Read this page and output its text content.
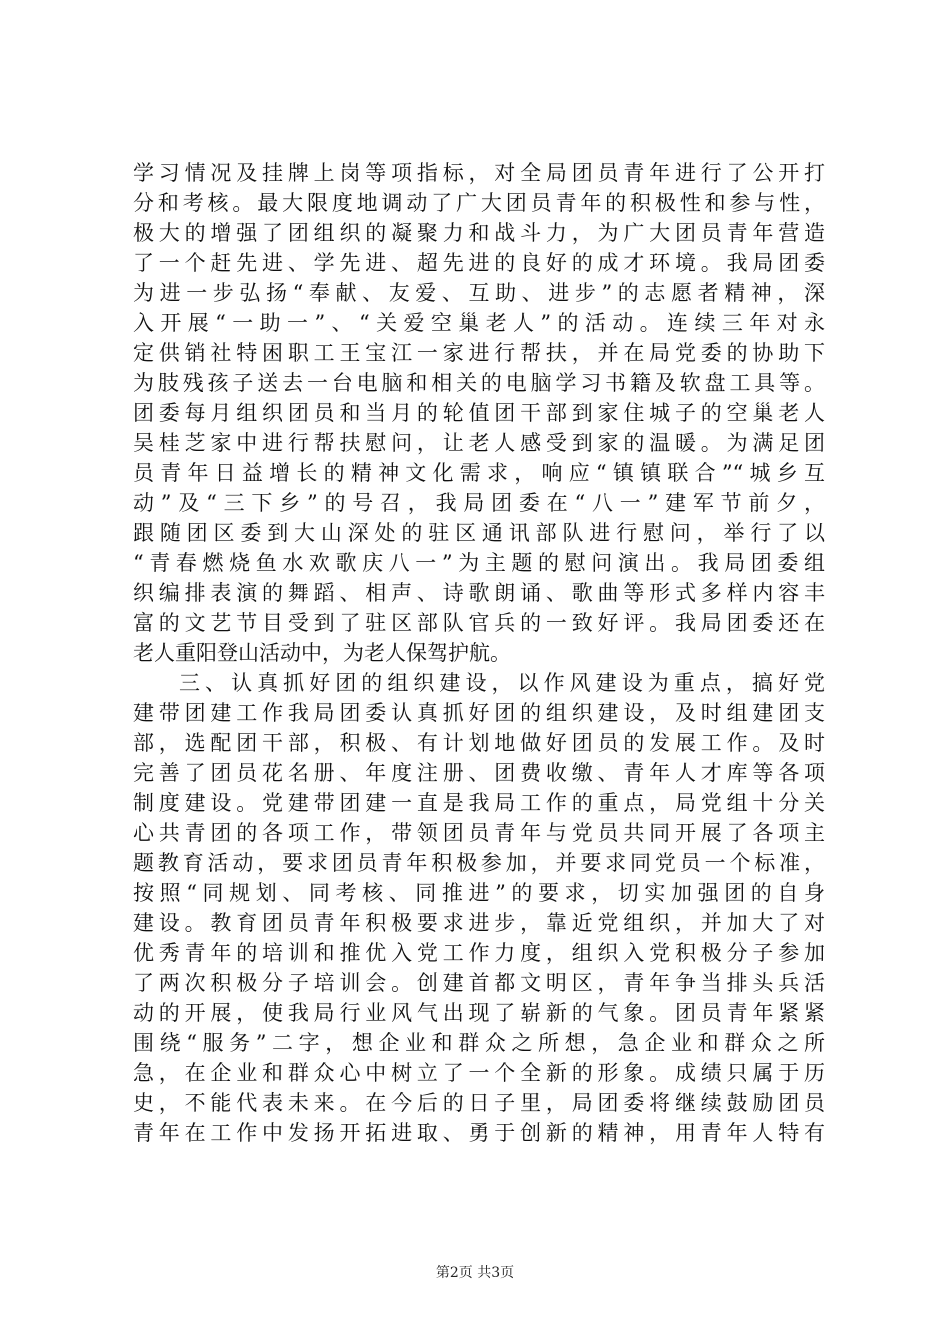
学习情况及挂牌上岗等项指标，对全局团员青年进行了公开打
分和考核。最大限度地调动了广大团员青年的积极性和参与性，
极大的增强了团组织的凝聚力和战斗力，为广大团员青年营造
了一个赶先进、学先进、超先进的良好的成才环境。我局团委
为进一步弘扬“奉献、友爱、互助、进步”的志愿者精神，深
入开展“一助一”、“关爱空巢老人”的活动。连续三年对永
定供销社特困职工王宝江一家进行帮扶，并在局党委的协助下
为肢残孩子送去一台电脑和相关的电脑学习书籍及软盘工具等。
团委每月组织团员和当月的轮值团干部到家住城子的空巢老人
吴桂芝家中进行帮扶慰问，让老人感受到家的温暖。为满足团
员青年日益增长的精神文化需求，响应“镇镇联合”“城乡互
动”及“三下乡”的号召，我局团委在“八一”建军节前夕，
跟随团区委到大山深处的驻区通讯部队进行慰问，举行了以
“青春燃烧鱼水欢歌庆八一”为主题的慰问演出。我局团委组
织编排表演的舞蹈、相声、诗歌朗诵、歌曲等形式多样内容丰
富的文艺节目受到了驻区部队官兵的一致好评。我局团委还在
老人重阳登山活动中，为老人保驾护航。
三、认真抓好团的组织建设，以作风建设为重点，搞好党
建带团建工作我局团委认真抓好团的组织建设，及时组建团支
部，选配团干部，积极、有计划地做好团员的发展工作。及时
完善了团员花名册、年度注册、团费收缴、青年人才库等各项
制度建设。党建带团建一直是我局工作的重点，局党组十分关
心共青团的各项工作，带领团员青年与党员共同开展了各项主
题教育活动，要求团员青年积极参加，并要求同党员一个标准，
按照“同规划、同考核、同推进”的要求，切实加强团的自身
建设。教育团员青年积极要求进步，靠近党组织，并加大了对
优秀青年的培训和推优入党工作力度，组织入党积极分子参加
了两次积极分子培训会。创建首都文明区，青年争当排头兵活
动的开展，使我局行业风气出现了崭新的气象。团员青年紧紧
围绕“服务”二字，想企业和群众之所想，急企业和群众之所
急，在企业和群众心中树立了一个全新的形象。成绩只属于历
史，不能代表未来。在今后的日子里，局团委将继续鼓励团员
青年在工作中发扬开拓进取、勇于创新的精神，用青年人特有
第2页 共3页
